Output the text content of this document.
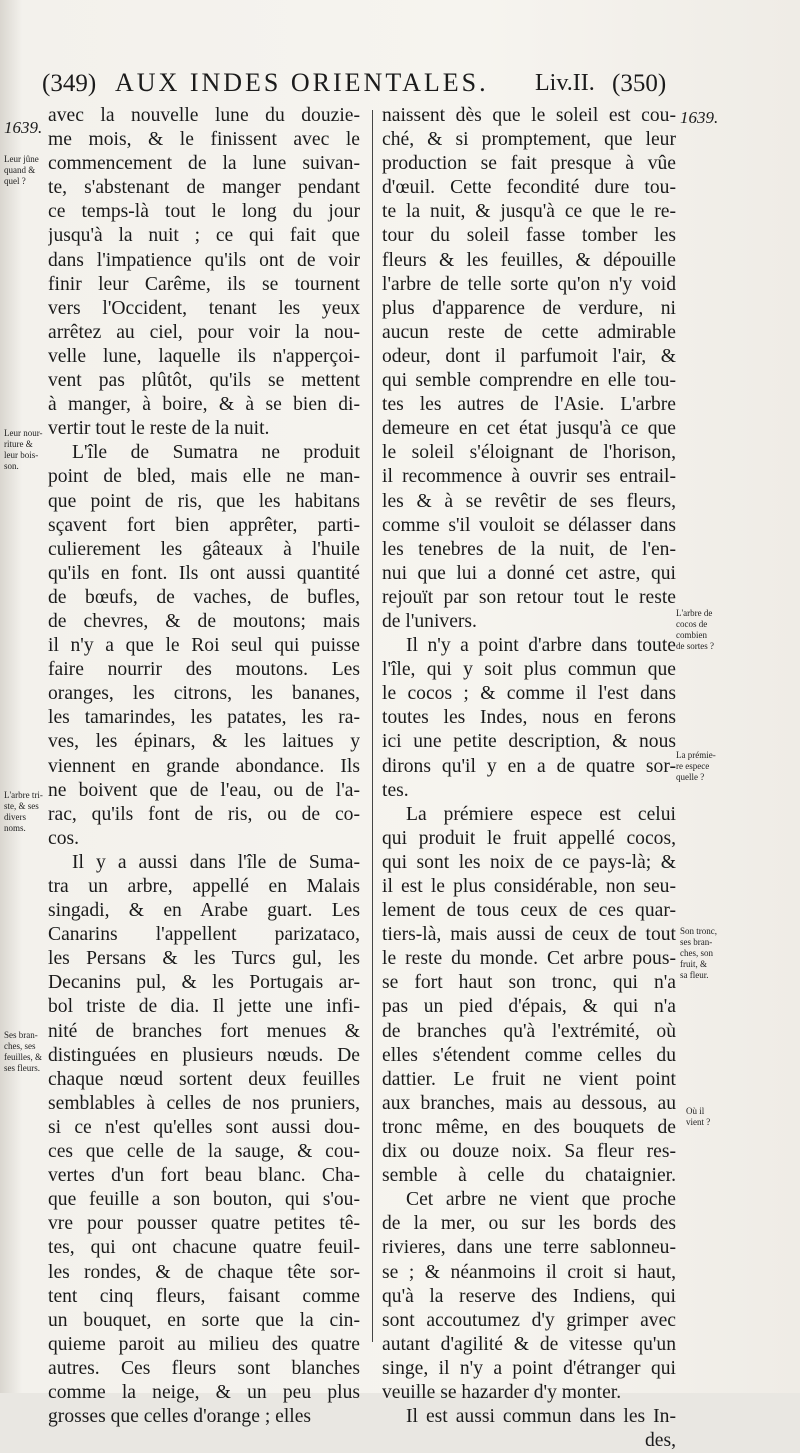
(349) AUX INDES ORIENTALES. Liv.II. (350)
1639.
1639.
avec la nouvelle lune du douzie-
me mois, & le finissent avec le
commencement de la lune suivan-
te, s'abstenant de manger pendant
ce temps-là tout le long du jour
jusqu'à la nuit ; ce qui fait que
dans l'impatience qu'ils ont de voir
finir leur Carême, ils se tournent
vers l'Occident, tenant les yeux
arrêtez au ciel, pour voir la nou-
velle lune, laquelle ils n'apperçoi-
vent pas plûtôt, qu'ils se mettent
à manger, à boire, & à se bien di-
vertir tout le reste de la nuit.
L'île de Sumatra ne produit
point de bled, mais elle ne man-
que point de ris, que les habitans
sçavent fort bien apprêter, parti-
culierement les gâteaux à l'huile
qu'ils en font. Ils ont aussi quantité
de bœufs, de vaches, de bufles,
de chevres, & de moutons; mais
il n'y a que le Roi seul qui puisse
faire nourrir des moutons. Les
oranges, les citrons, les bananes,
les tamarindes, les patates, les ra-
ves, les épinars, & les laitues y
viennent en grande abondance. Ils
ne boivent que de l'eau, ou de l'a-
rac, qu'ils font de ris, ou de co-
cos.
Il y a aussi dans l'île de Suma-
tra un arbre, appellé en Malais
singadi, & en Arabe guart. Les
Canarins l'appellent parizataco,
les Persans & les Turcs gul, les
Decanins pul, & les Portugais ar-
bol triste de dia. Il jette une infi-
nité de branches fort menues &
distinguées en plusieurs nœuds. De
chaque nœud sortent deux feuilles
semblables à celles de nos pruniers,
si ce n'est qu'elles sont aussi dou-
ces que celle de la sauge, & cou-
vertes d'un fort beau blanc. Cha-
que feuille a son bouton, qui s'ou-
vre pour pousser quatre petites tê-
tes, qui ont chacune quatre feuil-
les rondes, & de chaque tête sor-
tent cinq fleurs, faisant comme
un bouquet, en sorte que la cin-
quieme paroit au milieu des quatre
autres. Ces fleurs sont blanches
comme la neige, & un peu plus
grosses que celles d'orange ; elles
naissent dès que le soleil est cou-
ché, & si promptement, que leur
production se fait presque à vûe
d'œuil. Cette fecondité dure tou-
te la nuit, & jusqu'à ce que le re-
tour du soleil fasse tomber les
fleurs & les feuilles, & dépouille
l'arbre de telle sorte qu'on n'y void
plus d'apparence de verdure, ni
aucun reste de cette admirable
odeur, dont il parfumoit l'air, &
qui semble comprendre en elle tou-
tes les autres de l'Asie. L'arbre
demeure en cet état jusqu'à ce que
le soleil s'éloignant de l'horison,
il recommence à ouvrir ses entrail-
les & à se revêtir de ses fleurs,
comme s'il vouloit se délasser dans
les tenebres de la nuit, de l'en-
nui que lui a donné cet astre, qui
rejouït par son retour tout le reste
de l'univers.
Il n'y a point d'arbre dans toute
l'île, qui y soit plus commun que
le cocos ; & comme il l'est dans
toutes les Indes, nous en ferons
ici une petite description, & nous
dirons qu'il y en a de quatre sor-
tes.
La prémiere espece est celui
qui produit le fruit appellé cocos,
qui sont les noix de ce pays-là; &
il est le plus considérable, non seu-
lement de tous ceux de ces quar-
tiers-là, mais aussi de ceux de tout
le reste du monde. Cet arbre pous-
se fort haut son tronc, qui n'a
pas un pied d'épais, & qui n'a
de branches qu'à l'extrémité, où
elles s'étendent comme celles du
dattier. Le fruit ne vient point
aux branches, mais au dessous, au
tronc même, en des bouquets de
dix ou douze noix. Sa fleur res-
semble à celle du chataignier.
Cet arbre ne vient que proche
de la mer, ou sur les bords des
rivieres, dans une terre sablonneu-
se ; & néanmoins il croit si haut,
qu'à la reserve des Indiens, qui
sont accoutumez d'y grimper avec
autant d'agilité & de vitesse qu'un
singe, il n'y a point d'étranger qui
veuille se hazarder d'y monter.
Il est aussi commun dans les In-
des,
Leur jûne
quand &
quel ?
Leur nour-
riture &
leur bois-
son.
L'arbre tri-
ste, & ses
divers
noms.
Ses bran-
ches, ses
feuilles, &
ses fleurs.
L'arbre de
cocos de
combien
de sortes ?
La prémie-
re espece
quelle ?
Son tronc,
ses bran-
ches, son
fruit, &
sa fleur.
Où il
vient ?
